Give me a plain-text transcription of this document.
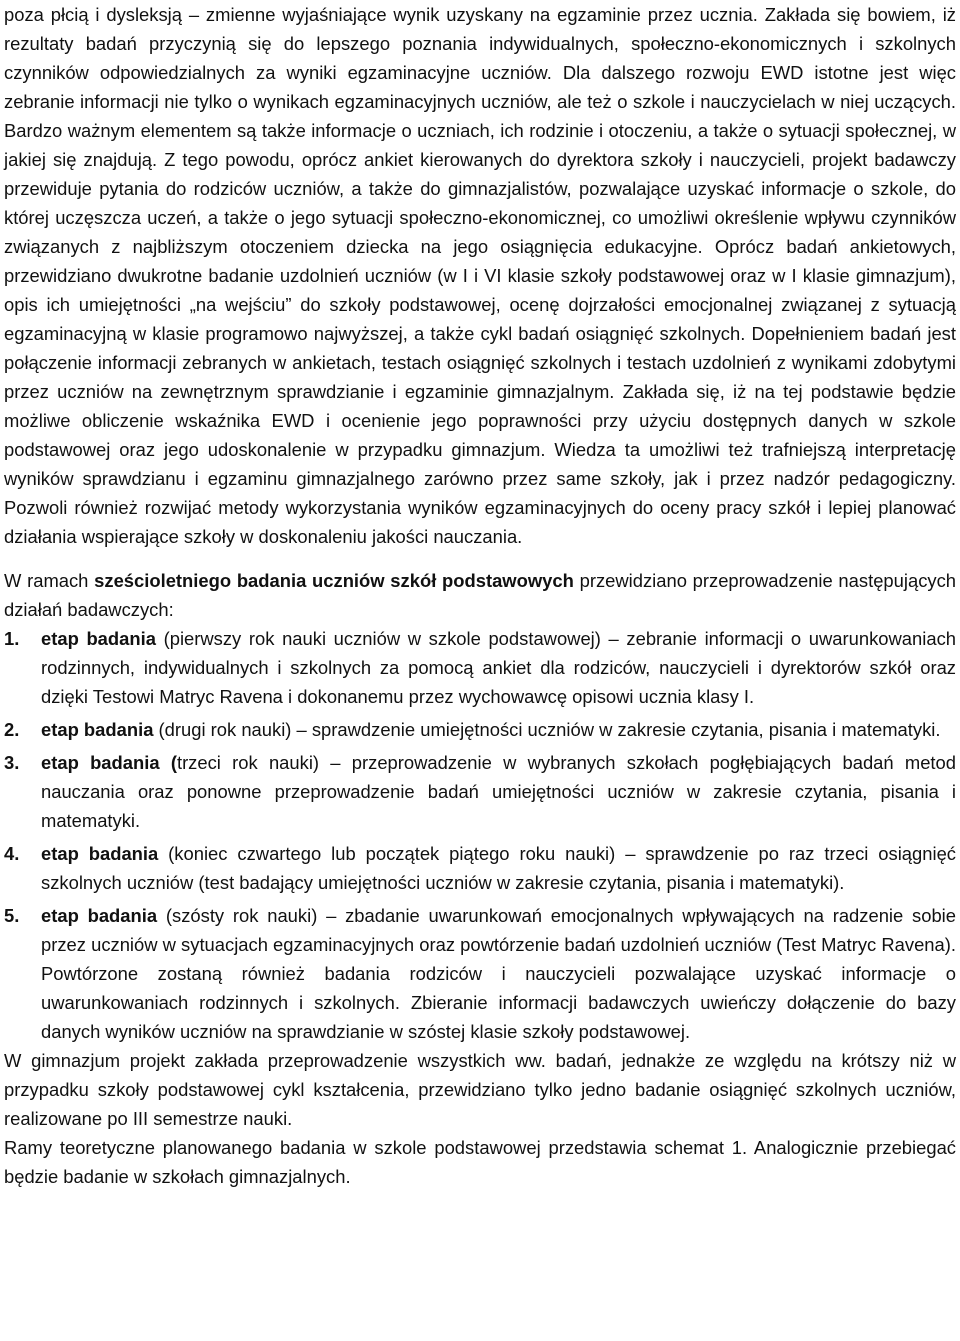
poza płcią i dysleksją – zmienne wyjaśniające wynik uzyskany na egzaminie przez ucznia. Zakłada się bowiem, iż rezultaty badań przyczynią się do lepszego poznania indywidualnych, społeczno-ekonomicznych i szkolnych czynników odpowiedzialnych za wyniki egzaminacyjne uczniów. Dla dalszego rozwoju EWD istotne jest więc zebranie informacji nie tylko o wynikach egzaminacyjnych uczniów, ale też o szkole i nauczycielach w niej uczących. Bardzo ważnym elementem są także informacje o uczniach, ich rodzinie i otoczeniu, a także o sytuacji społecznej, w jakiej się znajdują. Z tego powodu, oprócz ankiet kierowanych do dyrektora szkoły i nauczycieli, projekt badawczy przewiduje pytania do rodziców uczniów, a także do gimnazjalistów, pozwalające uzyskać informacje o szkole, do której uczęszcza uczeń, a także o jego sytuacji społeczno-ekonomicznej, co umożliwi określenie wpływu czynników związanych z najbliższym otoczeniem dziecka na jego osiągnięcia edukacyjne. Oprócz badań ankietowych, przewidziano dwukrotne badanie uzdolnień uczniów (w I i VI klasie szkoły podstawowej oraz w I klasie gimnazjum), opis ich umiejętności „na wejściu” do szkoły podstawowej, ocenę dojrzałości emocjonalnej związanej z sytuacją egzaminacyjną w klasie programowo najwyższej, a także cykl badań osiągnięć szkolnych. Dopełnieniem badań jest połączenie informacji zebranych w ankietach, testach osiągnięć szkolnych i testach uzdolnień z wynikami zdobytymi przez uczniów na zewnętrznym sprawdzianie i egzaminie gimnazjalnym. Zakłada się, iż na tej podstawie będzie możliwe obliczenie wskaźnika EWD i ocenienie jego poprawności przy użyciu dostępnych danych w szkole podstawowej oraz jego udoskonalenie w przypadku gimnazjum. Wiedza ta umożliwi też trafniejszą interpretację wyników sprawdzianu i egzaminu gimnazjalnego zarówno przez same szkoły, jak i przez nadzór pedagogiczny. Pozwoli również rozwijać metody wykorzystania wyników egzaminacyjnych do oceny pracy szkół i lepiej planować działania wspierające szkoły w doskonaleniu jakości nauczania.

W ramach sześcioletniego badania uczniów szkół podstawowych przewidziano przeprowadzenie następujących działań badawczych:

1.	etap badania (pierwszy rok nauki uczniów w szkole podstawowej) – zebranie informacji o uwarunkowaniach rodzinnych, indywidualnych i szkolnych za pomocą ankiet dla rodziców, nauczycieli i dyrektorów szkół oraz dzięki Testowi Matryc Ravena i dokonanemu przez wychowawcę opisowi ucznia klasy I.
2.	etap badania (drugi rok nauki) – sprawdzenie umiejętności uczniów w zakresie czytania, pisania i matematyki.
3.	etap badania (trzeci rok nauki) – przeprowadzenie w wybranych szkołach pogłębiających badań metod nauczania oraz ponowne przeprowadzenie badań umiejętności uczniów w zakresie czytania, pisania i matematyki.
4.	etap badania (koniec czwartego lub początek piątego roku nauki) – sprawdzenie po raz trzeci osiągnięć szkolnych uczniów (test badający umiejętności uczniów w zakresie czytania, pisania i matematyki).
5.	etap badania (szósty rok nauki) – zbadanie uwarunkowań emocjonalnych wpływających na radzenie sobie przez uczniów w sytuacjach egzaminacyjnych oraz powtórzenie badań uzdolnień uczniów (Test Matryc Ravena). Powtórzone zostaną również badania rodziców i nauczycieli pozwalające uzyskać informacje o uwarunkowaniach rodzinnych i szkolnych. Zbieranie informacji badawczych uwieńczy dołączenie do bazy danych wyników uczniów na sprawdzianie w szóstej klasie szkoły podstawowej.

W gimnazjum projekt zakłada przeprowadzenie wszystkich ww. badań, jednakże ze względu na krótszy niż w przypadku szkoły podstawowej cykl kształcenia, przewidziano tylko jedno badanie osiągnięć szkolnych uczniów, realizowane po III semestrze nauki.

Ramy teoretyczne planowanego badania w szkole podstawowej przedstawia schemat 1. Analogicznie przebiegać będzie badanie w szkołach gimnazjalnych.
